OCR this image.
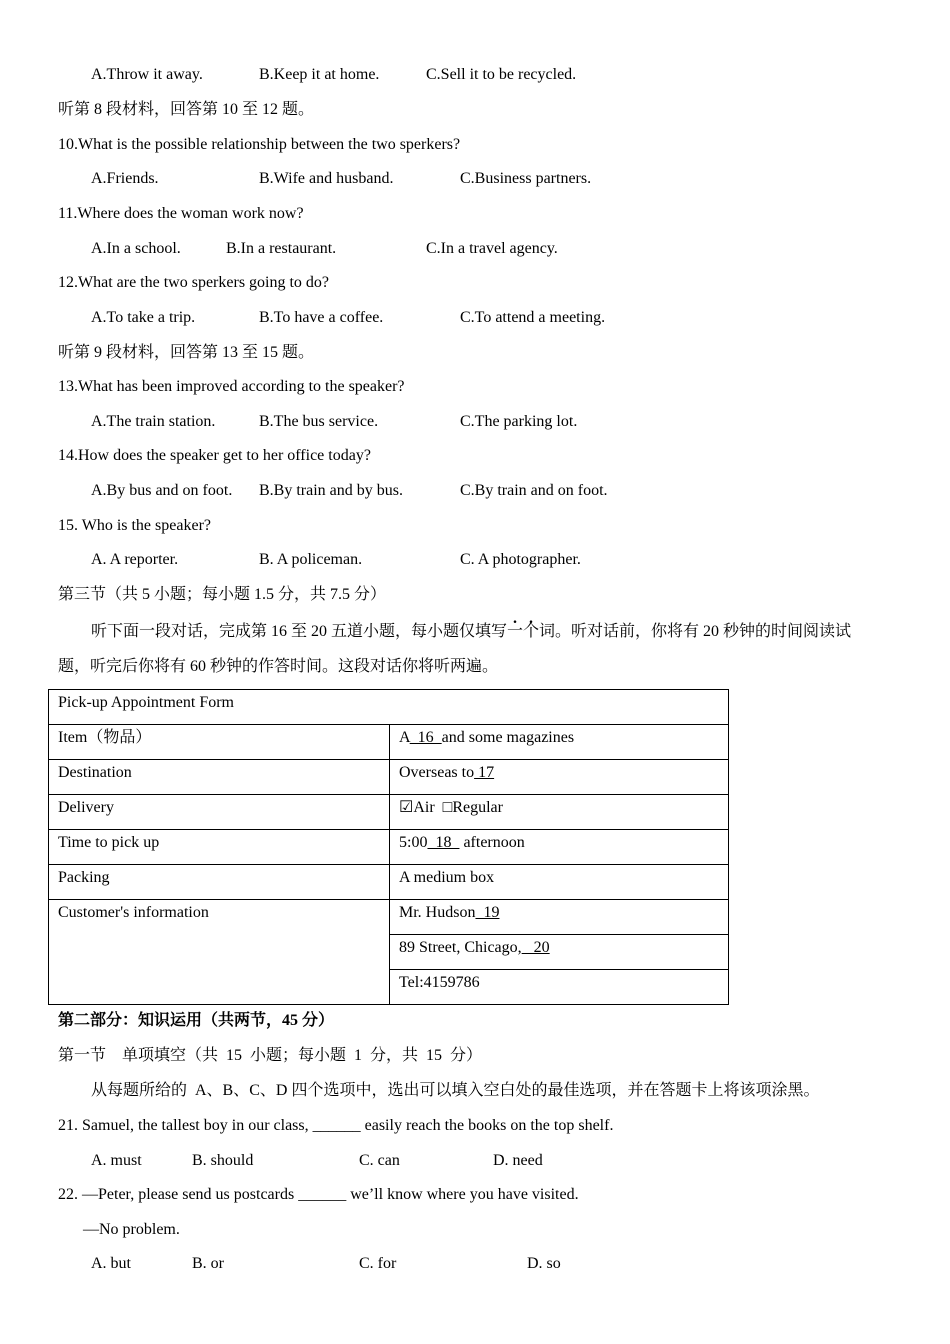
A.Throw it away.	B.Keep it at home.	C.Sell it to be recycled.
听第 8 段材料，回答第 10 至 12 题。
10.What is the possible relationship between the two sperkers?
A.Friends.	B.Wife and husband.	C.Business partners.
11.Where does the woman work now?
A.In a school.	B.In a restaurant.	C.In a travel agency.
12.What are the two sperkers going to do?
A.To take a trip.	B.To have a coffee.	C.To attend a meeting.
听第 9 段材料，回答第 13 至 15 题。
13.What has been improved according to the speaker?
A.The train station.	B.The bus service.	C.The parking lot.
14.How does the speaker get to her office today?
A.By bus and on foot. B.By train and by bus.	C.By train and on foot.
15. Who is the speaker?
A. A reporter.	B. A policeman.	C. A photographer.
第三节（共 5 小题；每小题 1.5 分，共 7.5 分）
听下面一段对话，完成第 16 至 20 五道小题，每小题仅填写一个词。听对话前，你将有 20 秒钟的时间阅读试
题，听完后你将有 60 秒钟的作答时间。这段对话你将听两遍。
Pick-up Appointment Form	
Item（物品）	A  16  and some magazines
Destination	Overseas to 17
Delivery	☑Air  □Regular
Time to pick up	5:00  18   afternoon
Packing	A medium box
Customer's information	Mr. Hudson  19
	89 Street, Chicago,   20
	Tel:4159786
第二部分：知识运用（共两节，45 分）
第一节　单项填空（共  15  小题；每小题  1  分，共  15  分）
从每题所给的  A、B、C、D 四个选项中，选出可以填入空白处的最佳选项，并在答题卡上将该项涂黑。
21. Samuel, the tallest boy in our class, ______ easily reach the books on the top shelf.
A. must	B. should	C. can	D. need
22. —Peter, please send us postcards ______ we’ll know where you have visited.
—No problem.
A. but	B. or	C. for	D. so
